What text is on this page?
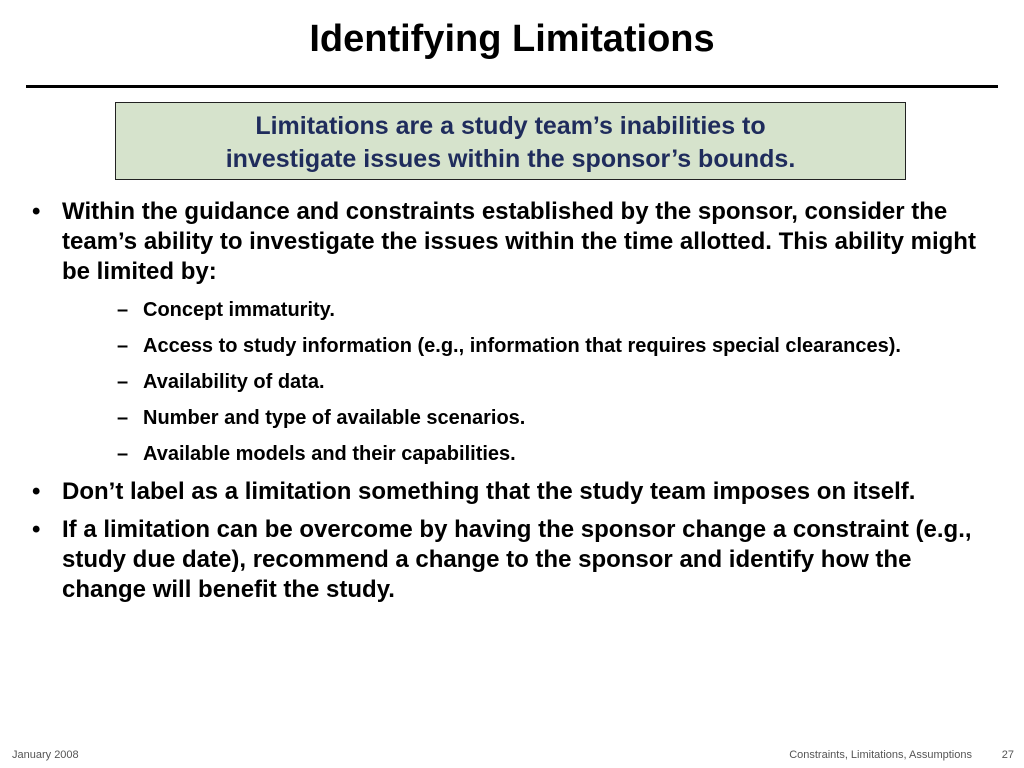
Identifying Limitations
Limitations are a study team’s inabilities to
investigate issues within the sponsor’s bounds.
• Within the guidance and constraints established by the sponsor, consider the team’s ability to investigate the issues within the time allotted. This ability might be limited by:
– Concept immaturity.
– Access to study information (e.g., information that requires special clearances).
– Availability of data.
– Number and type of available scenarios.
– Available models and their capabilities.
• Don’t label as a limitation something that the study team imposes on itself.
• If a limitation can be overcome by having the sponsor change a constraint (e.g., study due date), recommend a change to the sponsor and identify how the change will benefit the study.
January 2008	Constraints, Limitations, Assumptions	27
